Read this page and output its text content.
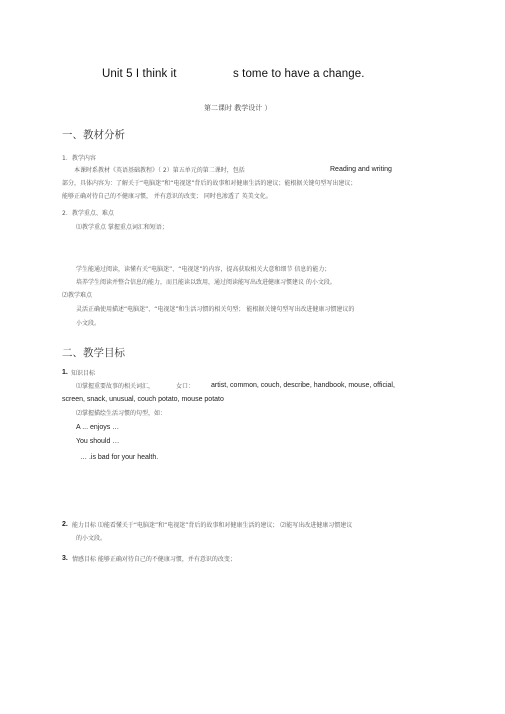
Unit 5 I think it	s tome to have a change.
第二课时 教学设计 ）
一、教材分析
1．教学内容
本课时系教材《英语基础教程》（ 2）第五单元的第二课时，包括	Reading and writing
部分，具体内容为：了解关于“电脑迷”和“电视迷”背后的故事和对健康生活的建议；能根据关键句型写出建议；
能够正确对待自己的不健康习惯， 并有意识的改变； 同时也渗透了 英美文化。
2．教学重点、难点
⑴教学重点 掌握重点词汇和短语；
学生能通过阅读，读懂有关“电脑迷”、“电视迷”的内容，提高获取相关大意和细节 信息的能力；
培养学生阅读并整合信息的能力，而且能读以致用，通过阅读能写出改进健康习惯建议 的小文段。
⑵教学难点
灵活正确使用描述“电脑迷”、“电视迷”和生活习惯的相关句型； 能根据关键句型写出改进健康习惯建议的
小文段。
二、教学目标
1. 知识目标
⑴掌握重要故事的相关词汇，	女口： artist, common, couch, describe, handbook, mouse, official,
screen, snack, unusual, couch potato, mouse potato
⑵掌握描绘生活习惯的句型，如：
A ... enjoys …
You should …
… .is bad for your health.
2. 能力目标 ⑴能看懂关于“电脑迷”和“电视迷”背后的故事和对健康生活的建议； ⑵能写出改进健康习惯建议
的小文段。
3. 情感目标 能够正确对待自己的不健康习惯，并有意识的改变；
